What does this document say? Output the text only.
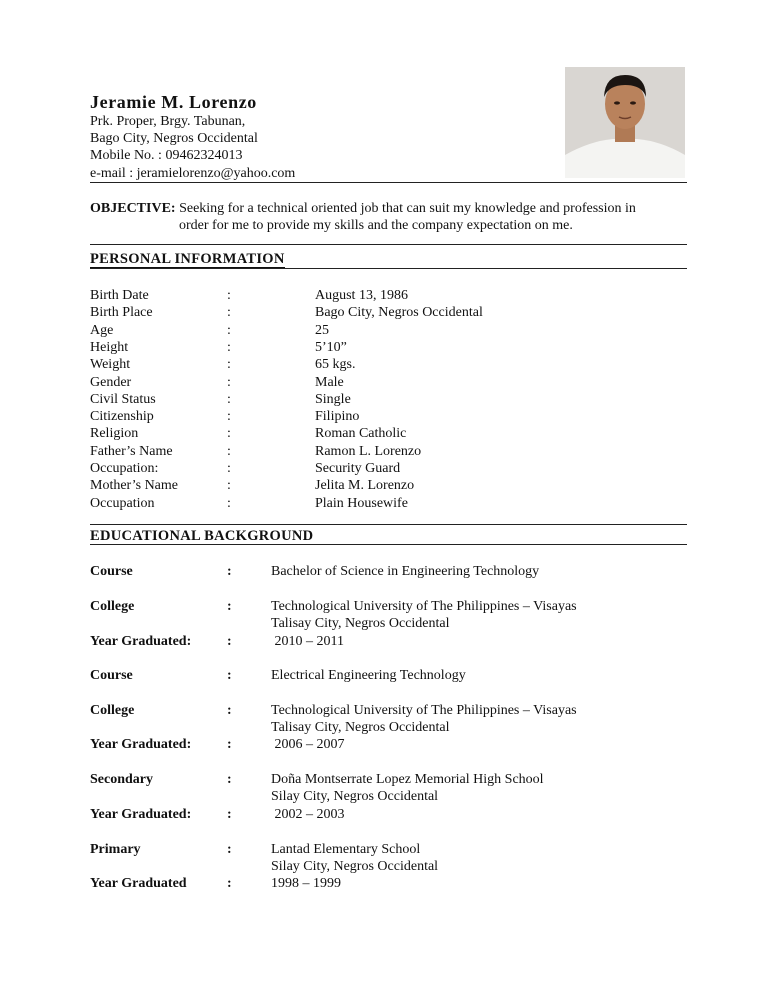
Jeramie M. Lorenzo
Prk. Proper, Brgy. Tabunan,
Bago City, Negros Occidental
Mobile No. : 09462324013
e-mail : jeramielorenzo@yahoo.com
OBJECTIVE: Seeking for a technical oriented job that can suit my knowledge and profession in
order for me to provide my skills and the company expectation on me.
PERSONAL INFORMATION
Birth Date	:	August 13, 1986
Birth Place	:	Bago City, Negros Occidental
Age	:	25
Height	:	5’10”
Weight	:	65 kgs.
Gender	:	Male
Civil Status	:	Single
Citizenship	:	Filipino
Religion	:	Roman Catholic
Father’s Name	:	Ramon L. Lorenzo
Occupation:	:	Security Guard
Mother’s Name	:	Jelita M. Lorenzo
Occupation	:	Plain Housewife
EDUCATIONAL BACKGROUND
Course	:	Bachelor of Science in Engineering Technology
College	:	Technological University of The Philippines – Visayas
Talisay City, Negros Occidental
Year Graduated:	:	2010 – 2011
Course	:	Electrical Engineering Technology
College	:	Technological University of The Philippines – Visayas
Talisay City, Negros Occidental
Year Graduated:	:	2006 – 2007
Secondary	:	Doña Montserrate Lopez Memorial High School
Silay City, Negros Occidental
Year Graduated:	:	2002 – 2003
Primary	:	Lantad Elementary School
Silay City, Negros Occidental
Year Graduated	:	1998 – 1999
